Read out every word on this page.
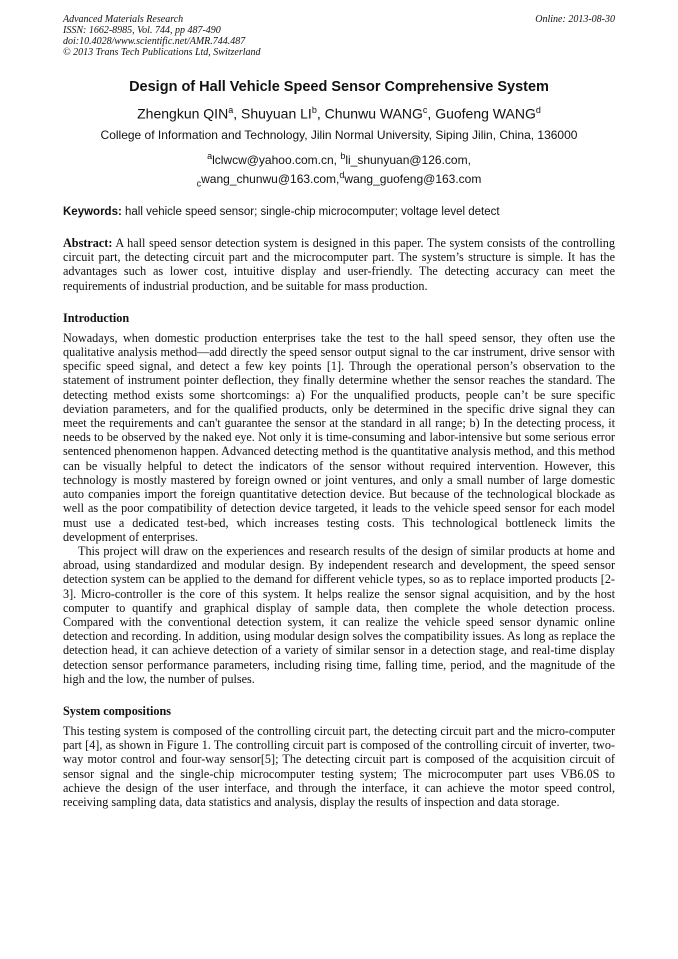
Advanced Materials Research
ISSN: 1662-8985, Vol. 744, pp 487-490
doi:10.4028/www.scientific.net/AMR.744.487
© 2013 Trans Tech Publications Ltd, Switzerland
Online: 2013-08-30
Design of Hall Vehicle Speed Sensor Comprehensive System
Zhengkun QIN$^a$, Shuyuan $LI^b$, Chunwu WANG$^c$, Guofeng WANG$^d$
College of Information and Technology, Jilin Normal University, Siping Jilin, China, 136000
$^a$lclwcw@yahoo.com.cn, $^b$li_shunyuan@126.com,
$_c$wang_chunwu@163.com,$^d$wang_guofeng@163.com
Keywords: hall vehicle speed sensor; single-chip microcomputer; voltage level detect

Abstract: A hall speed sensor detection system is designed in this paper. The system consists of the controlling circuit part, the detecting circuit part and the microcomputer part. The system’s structure is simple. It has the advantages such as lower cost, intuitive display and user-friendly. The detecting accuracy can meet the requirements of industrial production, and be suitable for mass production.

Introduction

Nowadays, when domestic production enterprises take the test to the hall speed sensor, they often use the qualitative analysis method—add directly the speed sensor output signal to the car instrument, drive sensor with specific speed signal, and detect a few key points [1]. Through the operational person’s observation to the statement of instrument pointer deflection, they finally determine whether the sensor reaches the standard. The detecting method exists some shortcomings: a) For the unqualified products, people can’t be sure specific deviation parameters, and for the qualified products, only be determined in the specific drive signal they can meet the requirements and can't guarantee the sensor at the standard in all range; b) In the detecting process, it needs to be observed by the naked eye. Not only it is time-consuming and labor-intensive but some serious error sentenced phenomenon happen. Advanced detecting method is the quantitative analysis method, and this method can be visually helpful to detect the indicators of the sensor without required intervention. However, this technology is mostly mastered by foreign owned or joint ventures, and only a small number of large domestic auto companies import the foreign quantitative detection device. But because of the technological blockade as well as the poor compatibility of detection device targeted, it leads to the vehicle speed sensor for each model must use a dedicated test-bed, which increases testing costs. This technological bottleneck limits the development of enterprises.

This project will draw on the experiences and research results of the design of similar products at home and abroad, using standardized and modular design. By independent research and development, the speed sensor detection system can be applied to the demand for different vehicle types, so as to replace imported products [2-3]. Micro-controller is the core of this system. It helps realize the sensor signal acquisition, and by the host computer to quantify and graphical display of sample data, then complete the whole detection process. Compared with the conventional detection system, it can realize the vehicle speed sensor dynamic online detection and recording. In addition, using modular design solves the compatibility issues. As long as replace the detection head, it can achieve detection of a variety of similar sensor in a detection stage, and real-time display detection sensor performance parameters, including rising time, falling time, period, and the magnitude of the high and the low, the number of pulses.

System compositions

This testing system is composed of the controlling circuit part, the detecting circuit part and the micro-computer part [4], as shown in Figure 1. The controlling circuit part is composed of the controlling circuit of inverter, two-way motor control and four-way sensor[5]; The detecting circuit part is composed of the acquisition circuit of sensor signal and the single-chip microcomputer testing system; The microcomputer part uses VB6.0S to achieve the design of the user interface, and through the interface, it can achieve the motor speed control, receiving sampling data, data statistics and analysis, display the results of inspection and data storage.
